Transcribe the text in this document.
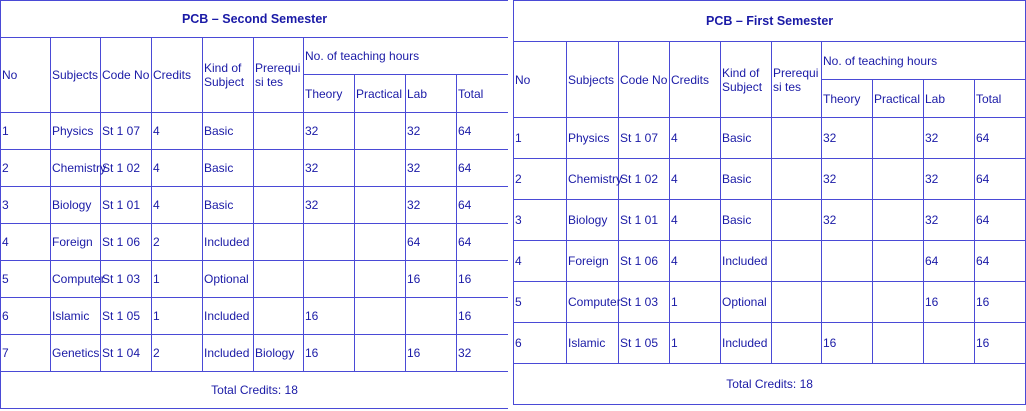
PCB – Second Semester									
No	Subjects	Code No	Credits	Kind of Subject	Prerequisi tes	No. of teaching hours			
						Theory	Practical	Lab	Total
1	Physics	St 1 07	4	Basic		32		32	64
2	Chemistry	St 1 02	4	Basic		32		32	64
3	Biology	St 1 01	4	Basic		32		32	64
4	Foreign	St 1 06	2	Included				64	64
5	Computer	St 1 03	1	Optional				16	16
6	Islamic	St 1 05	1	Included		16			16
7	Genetics	St 1 04	2	Included	Biology	16		16	32
Total Credits: 18									
PCB – First Semester									
No	Subjects	Code No	Credits	Kind of Subject	Prerequisi tes	No. of teaching hours			
						Theory	Practical	Lab	Total
1	Physics	St 1 07	4	Basic		32		32	64
2	Chemistry	St 1 02	4	Basic		32		32	64
3	Biology	St 1 01	4	Basic		32		32	64
4	Foreign	St 1 06	4	Included				64	64
5	Computer	St 1 03	1	Optional				16	16
6	Islamic	St 1 05	1	Included		16			16
Total Credits: 18									
